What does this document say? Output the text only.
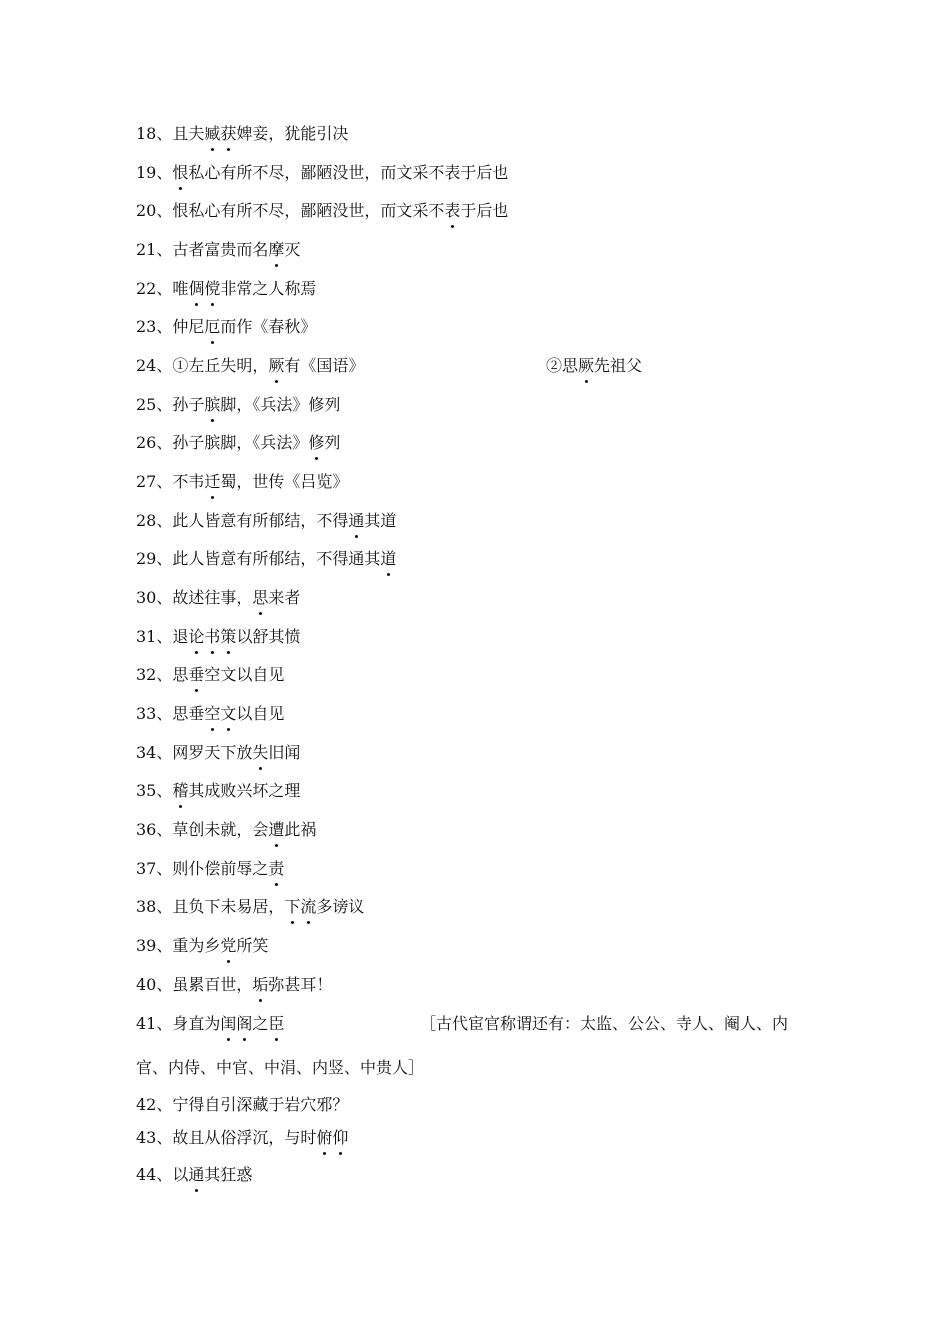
18、且夫臧
获
婢妾，犹能引决
19、恨
私心有所不尽，鄙陋没世，而文采不表于后也
20、恨私心有所不尽，鄙陋没世，而文采不表
于后也
21、古者富贵而名摩
灭
22、唯倜
傥
非常之人称焉
23、仲尼厄
而作《春秋》
24、①左丘失明，厥
有《国语》	②思厥
先祖父
25、孙子膑
脚，《兵法》修列
26、孙子膑脚，《兵法》修
列
27、不韦迁
蜀，世传《吕览》
28、此人皆意有所郁结，不得通
其道
29、此人皆意有所郁结，不得通其道
30、故述往事，思
来者
31、退论
书
策
以舒其愤
32、思垂
空文以自见
33、思垂空
文
以自见
34、网罗天下放失
旧闻
35、稽
其成败兴坏之理
36、草创未就，会遭
此祸
37、则仆偿前辱之责
38、且负下未易居，下
流
多谤议
39、重为乡党
所笑
40、虽累百世，垢
弥甚耳！
41、身直为闺
阁
之臣	［古代宦官称谓还有：太监、公公、寺人、阉人、内
官、内侍、中官、中涓、内竖、中贵人］
42、宁得自引深藏于岩穴邪？
43、故且从俗浮沉，与时俯
仰
44、以通
其狂惑
